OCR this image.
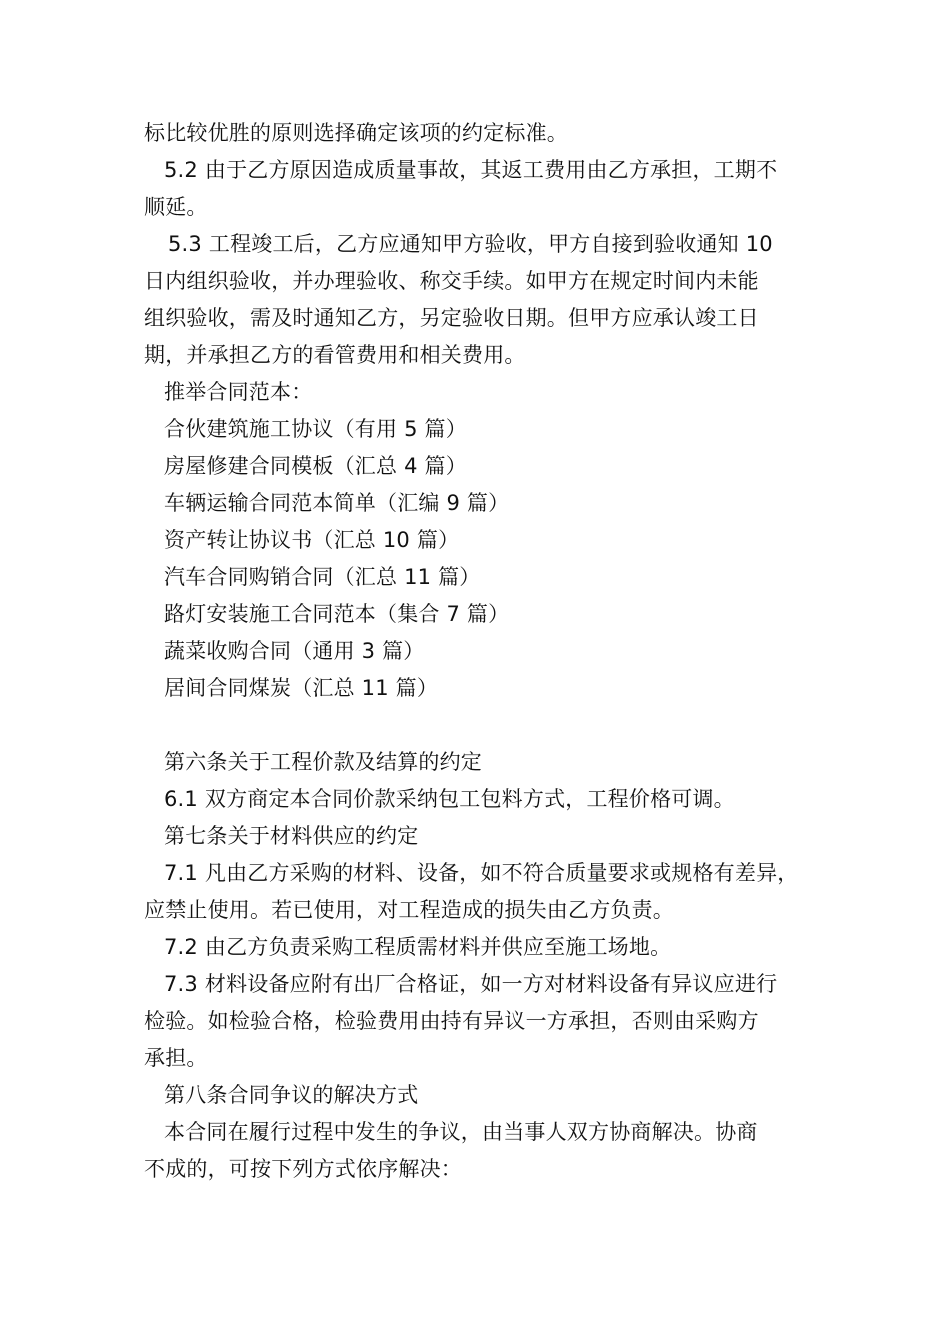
标比较优胜的原则选择确定该项的约定标准。
5.2 由于乙方原因造成质量事故，其返工费用由乙方承担，工期不
顺延。
5.3 工程竣工后，乙方应通知甲方验收，甲方自接到验收通知 10
日内组织验收，并办理验收、称交手续。如甲方在规定时间内未能
组织验收，需及时通知乙方，另定验收日期。但甲方应承认竣工日
期，并承担乙方的看管费用和相关费用。
推举合同范本：
合伙建筑施工协议（有用 5 篇）
房屋修建合同模板（汇总 4 篇）
车辆运输合同范本简单（汇编 9 篇）
资产转让协议书（汇总 10 篇）
汽车合同购销合同（汇总 11 篇）
路灯安装施工合同范本（集合 7 篇）
蔬菜收购合同（通用 3 篇）
居间合同煤炭（汇总 11 篇）
第六条关于工程价款及结算的约定
6.1 双方商定本合同价款采纳包工包料方式，工程价格可调。
第七条关于材料供应的约定
7.1 凡由乙方采购的材料、设备，如不符合质量要求或规格有差异，
应禁止使用。若已使用，对工程造成的损失由乙方负责。
7.2 由乙方负责采购工程质需材料并供应至施工场地。
7.3 材料设备应附有出厂合格证，如一方对材料设备有异议应进行
检验。如检验合格，检验费用由持有异议一方承担，否则由采购方
承担。
第八条合同争议的解决方式
本合同在履行过程中发生的争议，由当事人双方协商解决。协商
不成的，可按下列方式依序解决：
